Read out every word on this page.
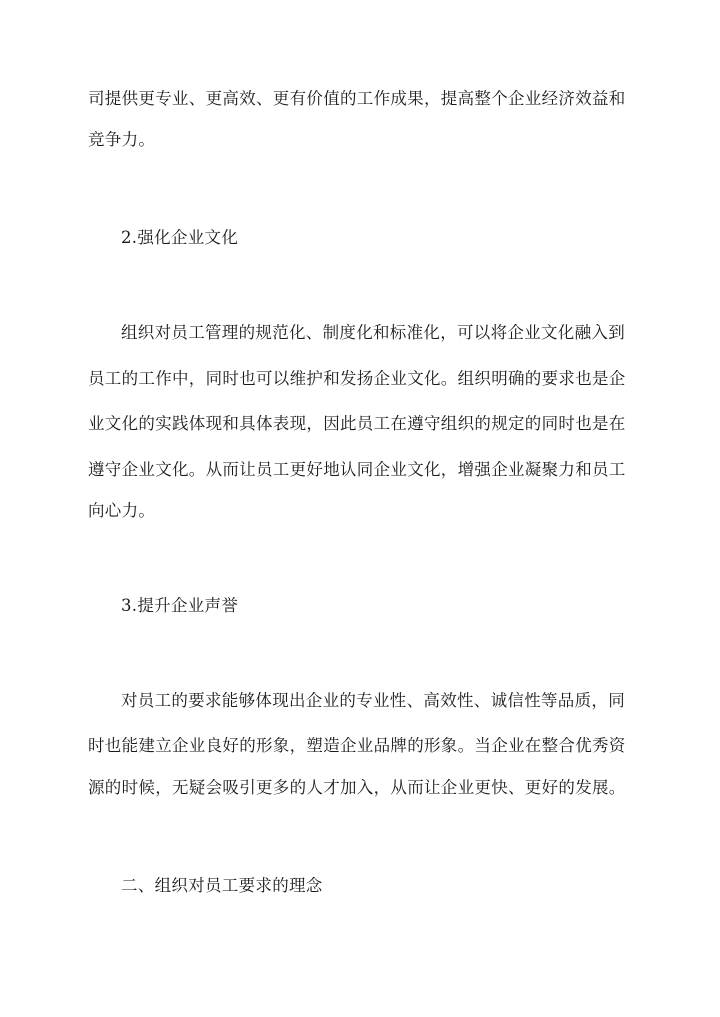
司提供更专业、更高效、更有价值的工作成果，提高整个企业经济效益和
竞争力。
2.强化企业文化
组织对员工管理的规范化、制度化和标准化，可以将企业文化融入到
员工的工作中，同时也可以维护和发扬企业文化。组织明确的要求也是企
业文化的实践体现和具体表现，因此员工在遵守组织的规定的同时也是在
遵守企业文化。从而让员工更好地认同企业文化，增强企业凝聚力和员工
向心力。
3.提升企业声誉
对员工的要求能够体现出企业的专业性、高效性、诚信性等品质，同
时也能建立企业良好的形象，塑造企业品牌的形象。当企业在整合优秀资
源的时候，无疑会吸引更多的人才加入，从而让企业更快、更好的发展。
二、组织对员工要求的理念
